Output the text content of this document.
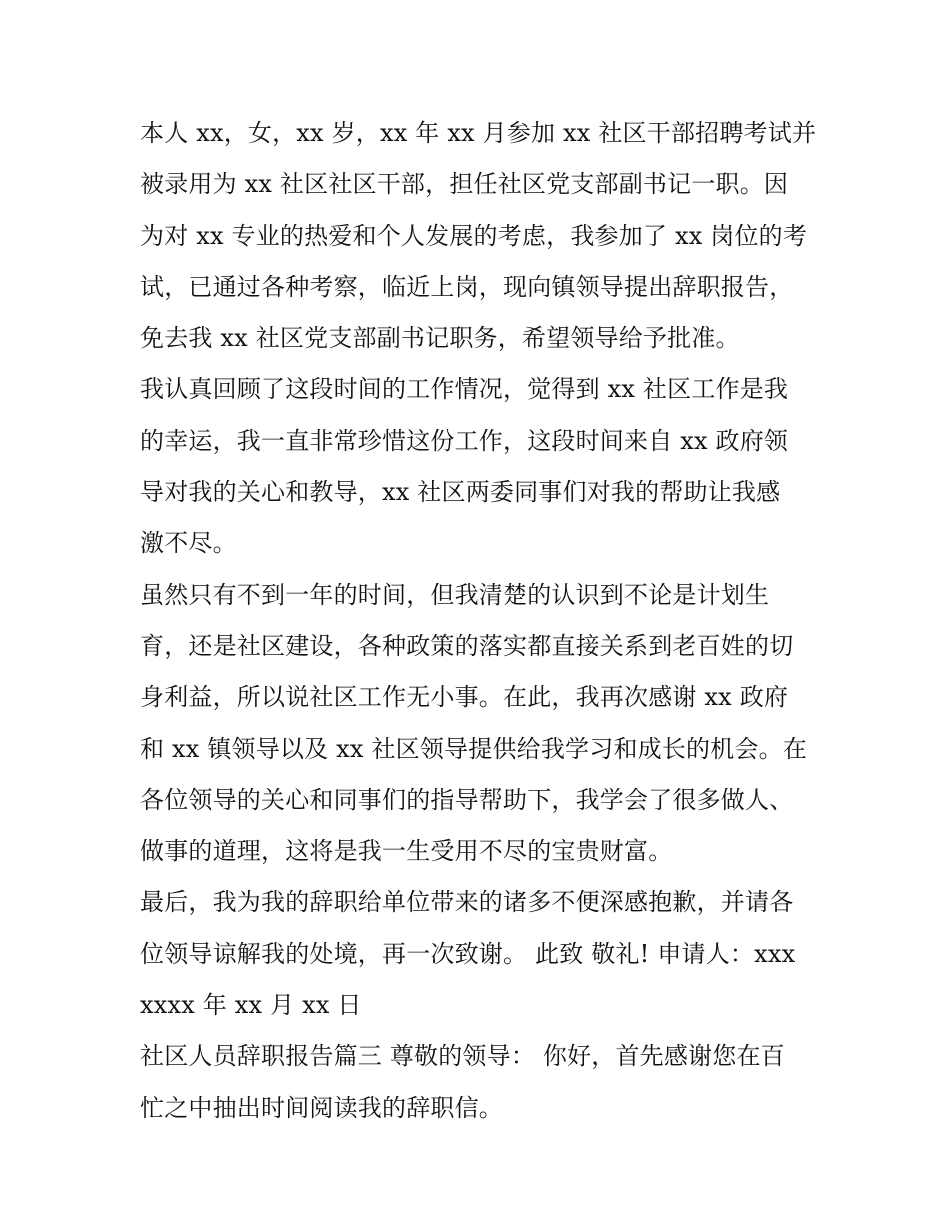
本人 xx，女，xx 岁，xx 年 xx 月参加 xx 社区干部招聘考试并
被录用为 xx 社区社区干部，担任社区党支部副书记一职。因
为对 xx 专业的热爱和个人发展的考虑，我参加了 xx 岗位的考
试，已通过各种考察，临近上岗，现向镇领导提出辞职报告，
免去我 xx 社区党支部副书记职务，希望领导给予批准。

我认真回顾了这段时间的工作情况，觉得到 xx 社区工作是我
的幸运，我一直非常珍惜这份工作，这段时间来自 xx 政府领
导对我的关心和教导，xx 社区两委同事们对我的帮助让我感
激不尽。

虽然只有不到一年的时间，但我清楚的认识到不论是计划生
育，还是社区建设，各种政策的落实都直接关系到老百姓的切
身利益，所以说社区工作无小事。在此，我再次感谢 xx 政府
和 xx 镇领导以及 xx 社区领导提供给我学习和成长的机会。在
各位领导的关心和同事们的指导帮助下，我学会了很多做人、
做事的道理，这将是我一生受用不尽的宝贵财富。

最后，我为我的辞职给单位带来的诸多不便深感抱歉，并请各
位领导谅解我的处境，再一次致谢。 此致 敬礼! 申请人：xxx
xxxx 年 xx 月 xx 日

社区人员辞职报告篇三 尊敬的领导： 你好，首先感谢您在百
忙之中抽出时间阅读我的辞职信。
